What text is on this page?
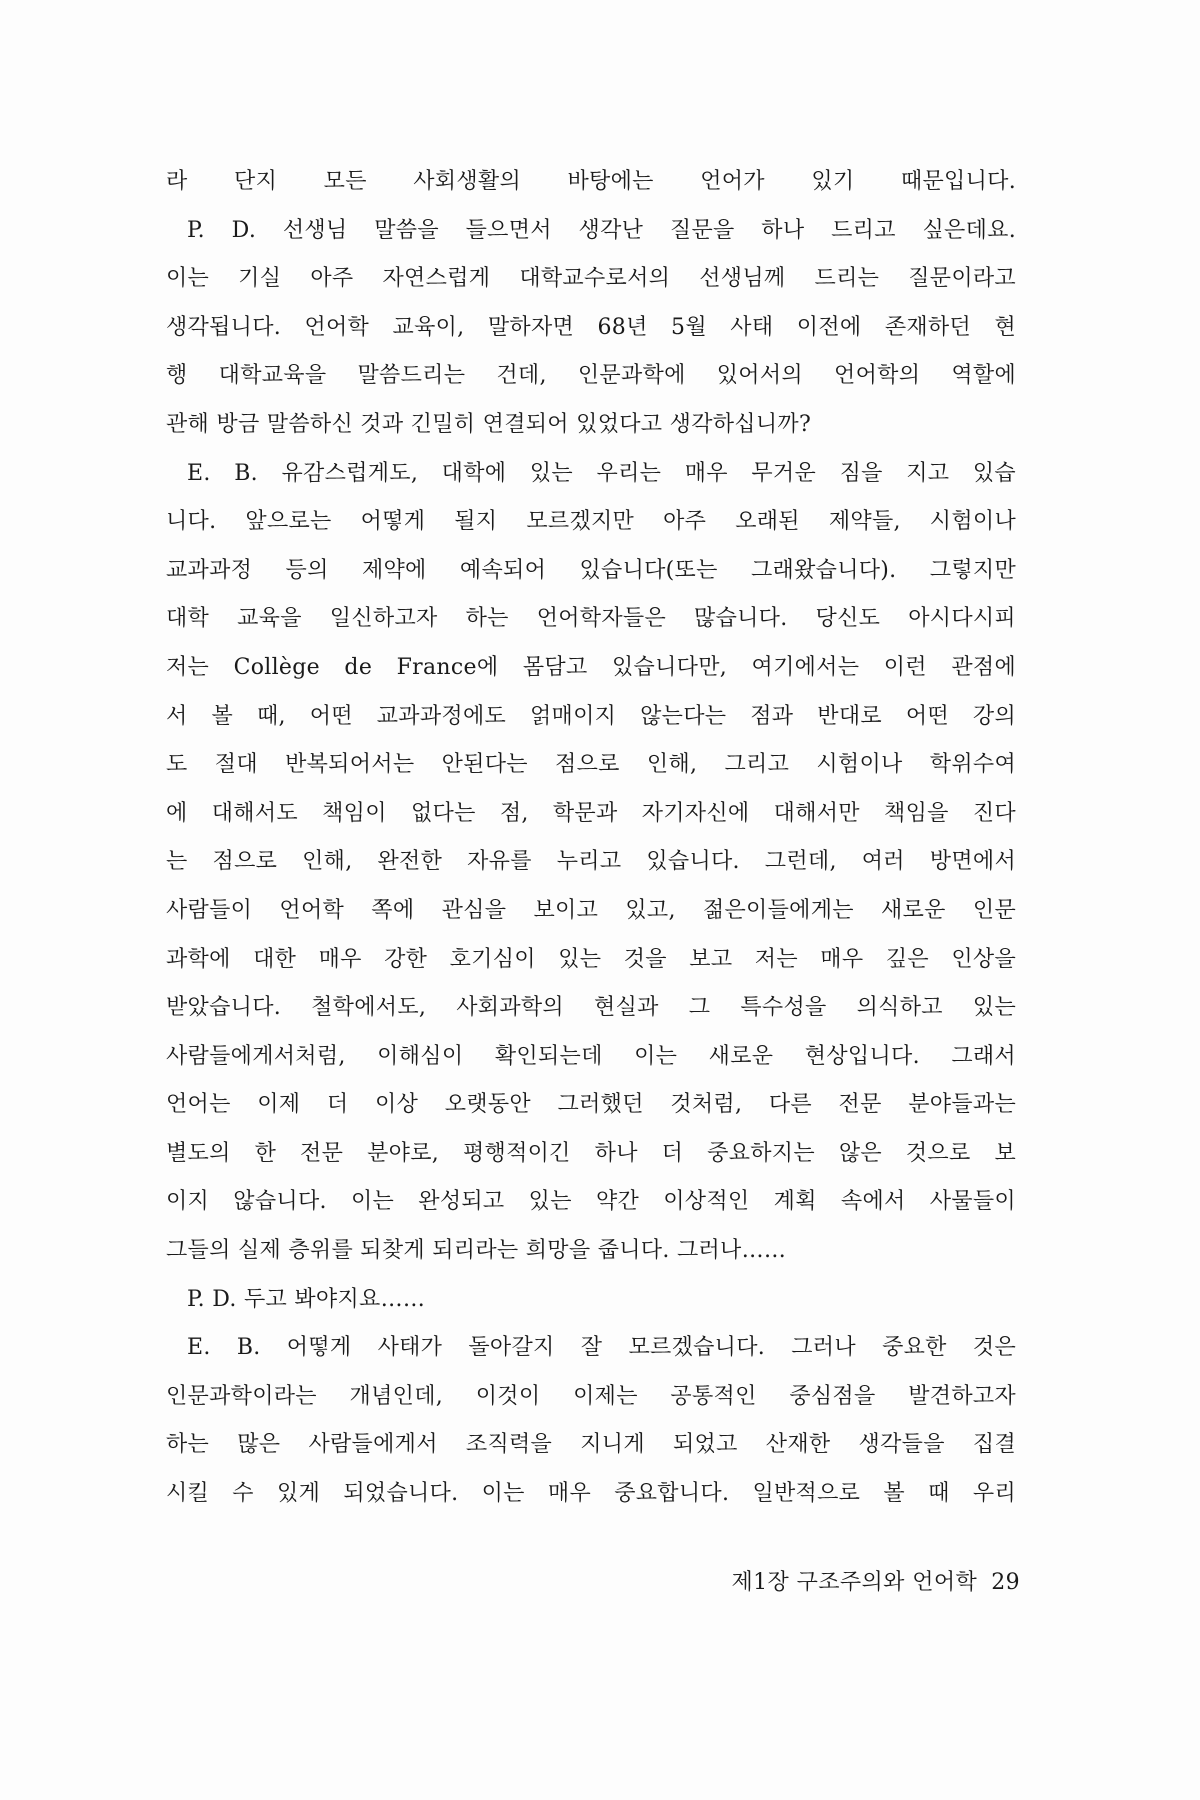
라 단지 모든 사회생활의 바탕에는 언어가 있기 때문입니다.
P. D. 선생님 말씀을 들으면서 생각난 질문을 하나 드리고 싶은데요.
이는 기실 아주 자연스럽게 대학교수로서의 선생님께 드리는 질문이라고
생각됩니다. 언어학 교육이, 말하자면 68년 5월 사태 이전에 존재하던 현
행 대학교육을 말씀드리는 건데, 인문과학에 있어서의 언어학의 역할에
관해 방금 말씀하신 것과 긴밀히 연결되어 있었다고 생각하십니까?
E. B. 유감스럽게도, 대학에 있는 우리는 매우 무거운 짐을 지고 있습
니다. 앞으로는 어떻게 될지 모르겠지만 아주 오래된 제약들, 시험이나
교과과정 등의 제약에 예속되어 있습니다(또는 그래왔습니다). 그렇지만
대학 교육을 일신하고자 하는 언어학자들은 많습니다. 당신도 아시다시피
저는 Collège de France에 몸담고 있습니다만, 여기에서는 이런 관점에
서 볼 때, 어떤 교과과정에도 얽매이지 않는다는 점과 반대로 어떤 강의
도 절대 반복되어서는 안된다는 점으로 인해, 그리고 시험이나 학위수여
에 대해서도 책임이 없다는 점, 학문과 자기자신에 대해서만 책임을 진다
는 점으로 인해, 완전한 자유를 누리고 있습니다. 그런데, 여러 방면에서
사람들이 언어학 쪽에 관심을 보이고 있고, 젊은이들에게는 새로운 인문
과학에 대한 매우 강한 호기심이 있는 것을 보고 저는 매우 깊은 인상을
받았습니다. 철학에서도, 사회과학의 현실과 그 특수성을 의식하고 있는
사람들에게서처럼, 이해심이 확인되는데 이는 새로운 현상입니다. 그래서
언어는 이제 더 이상 오랫동안 그러했던 것처럼, 다른 전문 분야들과는
별도의 한 전문 분야로, 평행적이긴 하나 더 중요하지는 않은 것으로 보
이지 않습니다. 이는 완성되고 있는 약간 이상적인 계획 속에서 사물들이
그들의 실제 층위를 되찾게 되리라는 희망을 줍니다. 그러나……
P. D. 두고 봐야지요……
E. B. 어떻게 사태가 돌아갈지 잘 모르겠습니다. 그러나 중요한 것은
인문과학이라는 개념인데, 이것이 이제는 공통적인 중심점을 발견하고자
하는 많은 사람들에게서 조직력을 지니게 되었고 산재한 생각들을 집결
시킬 수 있게 되었습니다. 이는 매우 중요합니다. 일반적으로 볼 때 우리
제1장 구조주의와 언어학 29
